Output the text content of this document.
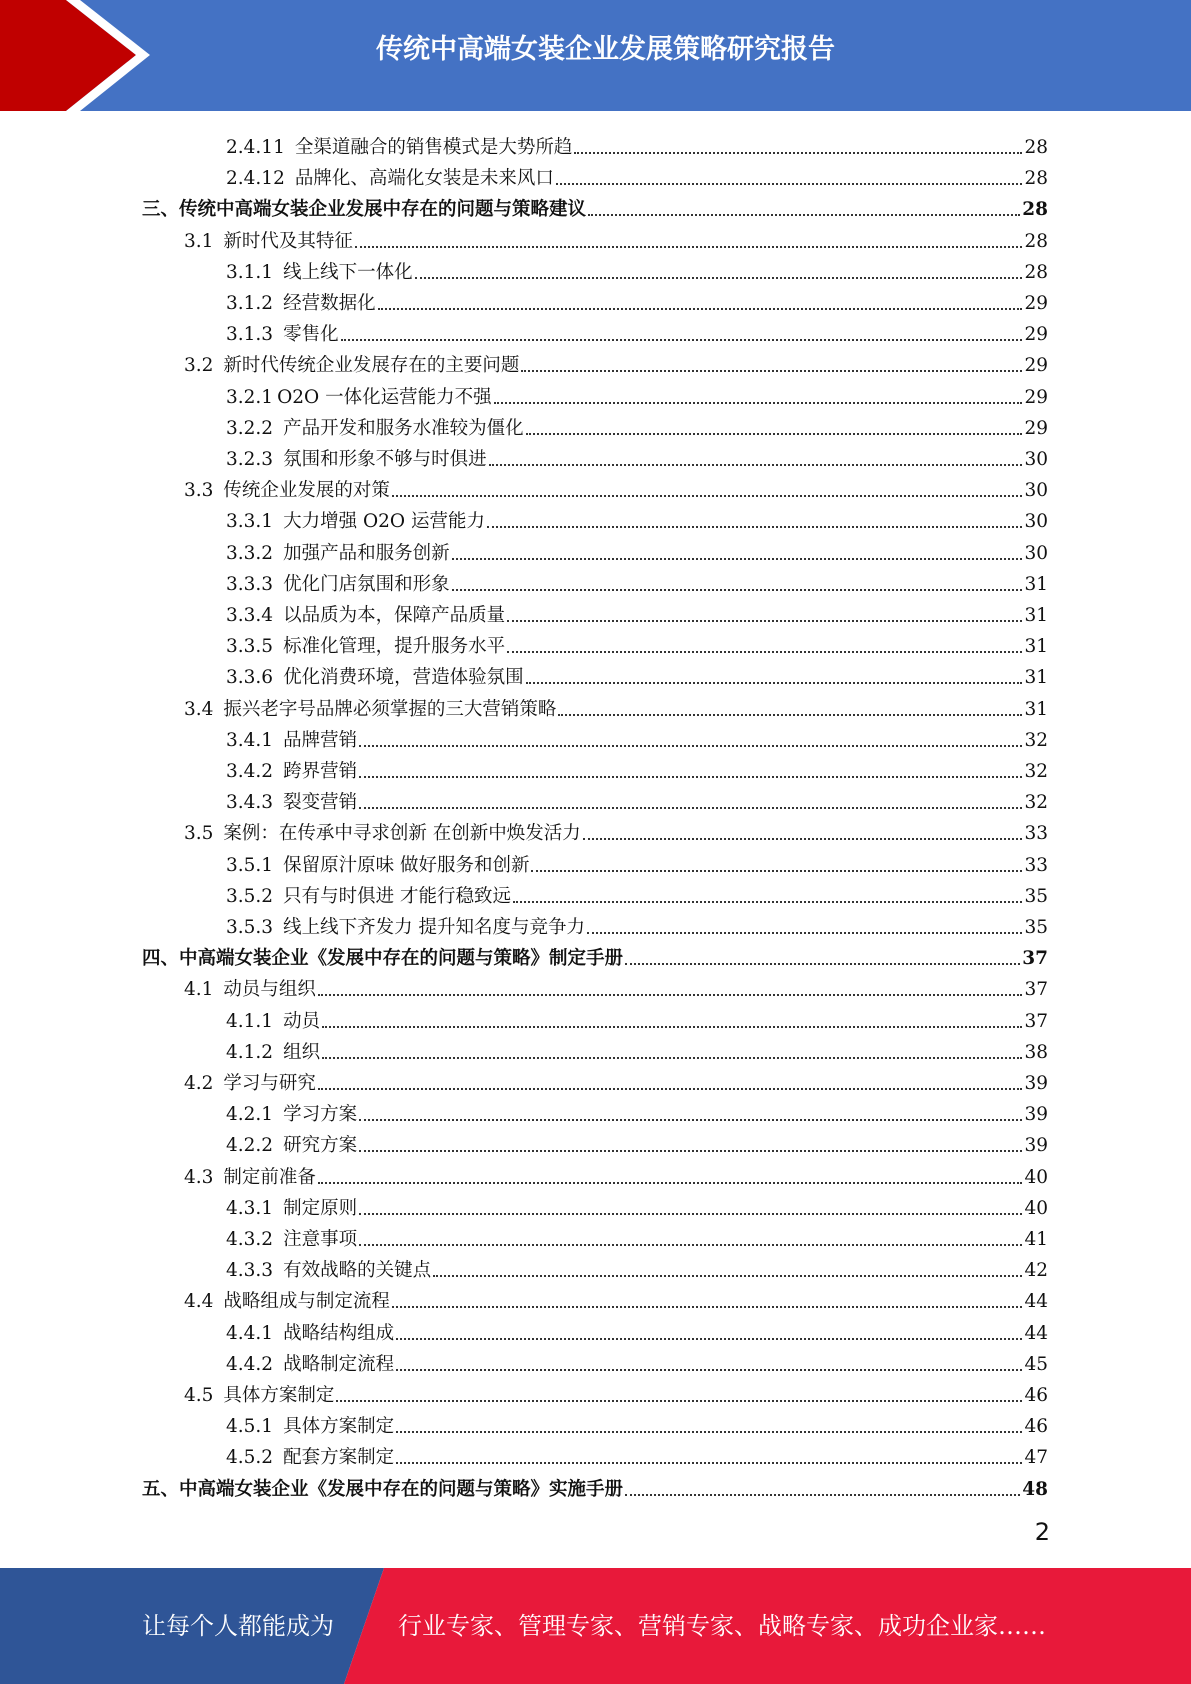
传统中高端女装企业发展策略研究报告
2.4.11 全渠道融合的销售模式是大势所趋	28
2.4.12 品牌化、高端化女装是未来风口	28
三、 传统中高端女装企业发展中存在的问题与策略建议	28
3.1 新时代及其特征	28
3.1.1 线上线下一体化	28
3.1.2 经营数据化	29
3.1.3 零售化	29
3.2 新时代传统企业发展存在的主要问题	29
3.2.1 O2O 一体化运营能力不强	29
3.2.2 产品开发和服务水准较为僵化	29
3.2.3 氛围和形象不够与时俱进	30
3.3 传统企业发展的对策	30
3.3.1 大力增强 O2O 运营能力	30
3.3.2 加强产品和服务创新	30
3.3.3 优化门店氛围和形象	31
3.3.4 以品质为本，保障产品质量	31
3.3.5 标准化管理，提升服务水平	31
3.3.6 优化消费环境，营造体验氛围	31
3.4 振兴老字号品牌必须掌握的三大营销策略	31
3.4.1 品牌营销	32
3.4.2 跨界营销	32
3.4.3 裂变营销	32
3.5 案例：在传承中寻求创新 在创新中焕发活力	33
3.5.1 保留原汁原味 做好服务和创新	33
3.5.2 只有与时俱进 才能行稳致远	35
3.5.3 线上线下齐发力 提升知名度与竞争力	35
四、 中高端女装企业《发展中存在的问题与策略》制定手册	37
4.1 动员与组织	37
4.1.1 动员	37
4.1.2 组织	38
4.2 学习与研究	39
4.2.1 学习方案	39
4.2.2 研究方案	39
4.3 制定前准备	40
4.3.1 制定原则	40
4.3.2 注意事项	41
4.3.3 有效战略的关键点	42
4.4 战略组成与制定流程	44
4.4.1 战略结构组成	44
4.4.2 战略制定流程	45
4.5 具体方案制定	46
4.5.1 具体方案制定	46
4.5.2 配套方案制定	47
五、 中高端女装企业《发展中存在的问题与策略》实施手册	48
2
让每个人都能成为	行业专家、管理专家、营销专家、战略专家、成功企业家……
